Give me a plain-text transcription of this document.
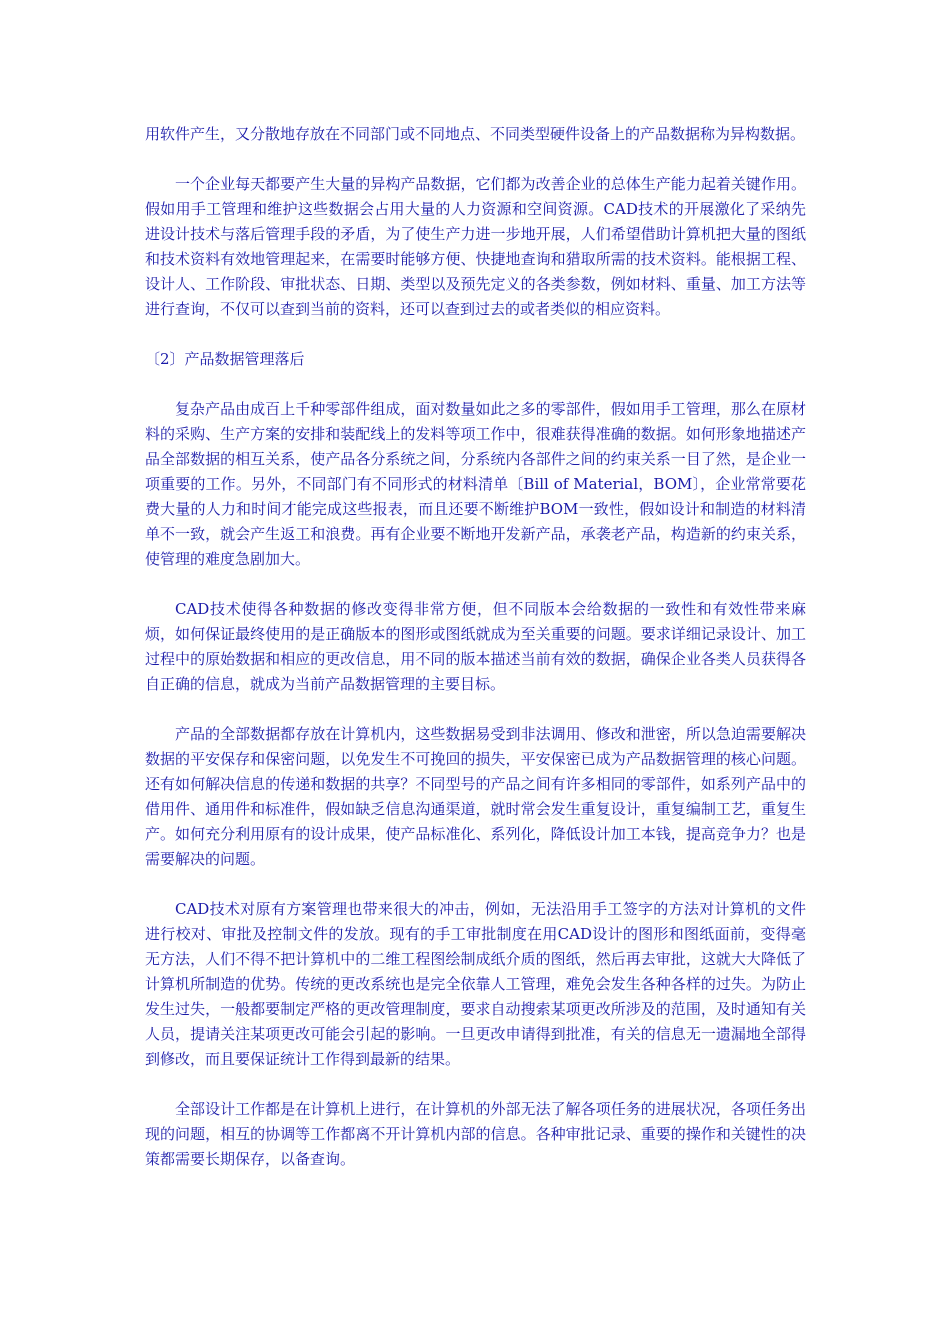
用软件产生，又分散地存放在不同部门或不同地点、不同类型硬件设备上的产品数据称为异构数据。

一个企业每天都要产生大量的异构产品数据，它们都为改善企业的总体生产能力起着关键作用。假如用手工管理和维护这些数据会占用大量的人力资源和空间资源。CAD技术的开展激化了采纳先进设计技术与落后管理手段的矛盾，为了使生产力进一步地开展，人们希望借助计算机把大量的图纸和技术资料有效地管理起来，在需要时能够方便、快捷地查询和猎取所需的技术资料。能根据工程、设计人、工作阶段、审批状态、日期、类型以及预先定义的各类参数，例如材料、重量、加工方法等进行查询，不仅可以查到当前的资料，还可以查到过去的或者类似的相应资料。

〔2〕产品数据管理落后

复杂产品由成百上千种零部件组成，面对数量如此之多的零部件，假如用手工管理，那么在原材料的采购、生产方案的安排和装配线上的发料等项工作中，很难获得准确的数据。如何形象地描述产品全部数据的相互关系，使产品各分系统之间，分系统内各部件之间的约束关系一目了然，是企业一项重要的工作。另外，不同部门有不同形式的材料清单〔Bill of Material，BOM〕，企业常常要花费大量的人力和时间才能完成这些报表，而且还要不断维护BOM一致性，假如设计和制造的材料清单不一致，就会产生返工和浪费。再有企业要不断地开发新产品，承袭老产品，构造新的约束关系，使管理的难度急剧加大。

CAD技术使得各种数据的修改变得非常方便，但不同版本会给数据的一致性和有效性带来麻烦，如何保证最终使用的是正确版本的图形或图纸就成为至关重要的问题。要求详细记录设计、加工过程中的原始数据和相应的更改信息，用不同的版本描述当前有效的数据，确保企业各类人员获得各自正确的信息，就成为当前产品数据管理的主要目标。

产品的全部数据都存放在计算机内，这些数据易受到非法调用、修改和泄密，所以急迫需要解决数据的平安保存和保密问题，以免发生不可挽回的损失，平安保密已成为产品数据管理的核心问题。还有如何解决信息的传递和数据的共享？不同型号的产品之间有许多相同的零部件，如系列产品中的借用件、通用件和标准件，假如缺乏信息沟通渠道，就时常会发生重复设计，重复编制工艺，重复生产。如何充分利用原有的设计成果，使产品标准化、系列化，降低设计加工本钱，提高竞争力？也是需要解决的问题。

CAD技术对原有方案管理也带来很大的冲击，例如，无法沿用手工签字的方法对计算机的文件进行校对、审批及控制文件的发放。现有的手工审批制度在用CAD设计的图形和图纸面前，变得毫无方法，人们不得不把计算机中的二维工程图绘制成纸介质的图纸，然后再去审批，这就大大降低了计算机所制造的优势。传统的更改系统也是完全依靠人工管理，难免会发生各种各样的过失。为防止发生过失，一般都要制定严格的更改管理制度，要求自动搜索某项更改所涉及的范围，及时通知有关人员，提请关注某项更改可能会引起的影响。一旦更改申请得到批准，有关的信息无一遗漏地全部得到修改，而且要保证统计工作得到最新的结果。

全部设计工作都是在计算机上进行，在计算机的外部无法了解各项任务的进展状况，各项任务出现的问题，相互的协调等工作都离不开计算机内部的信息。各种审批记录、重要的操作和关键性的决策都需要长期保存，以备查询。
